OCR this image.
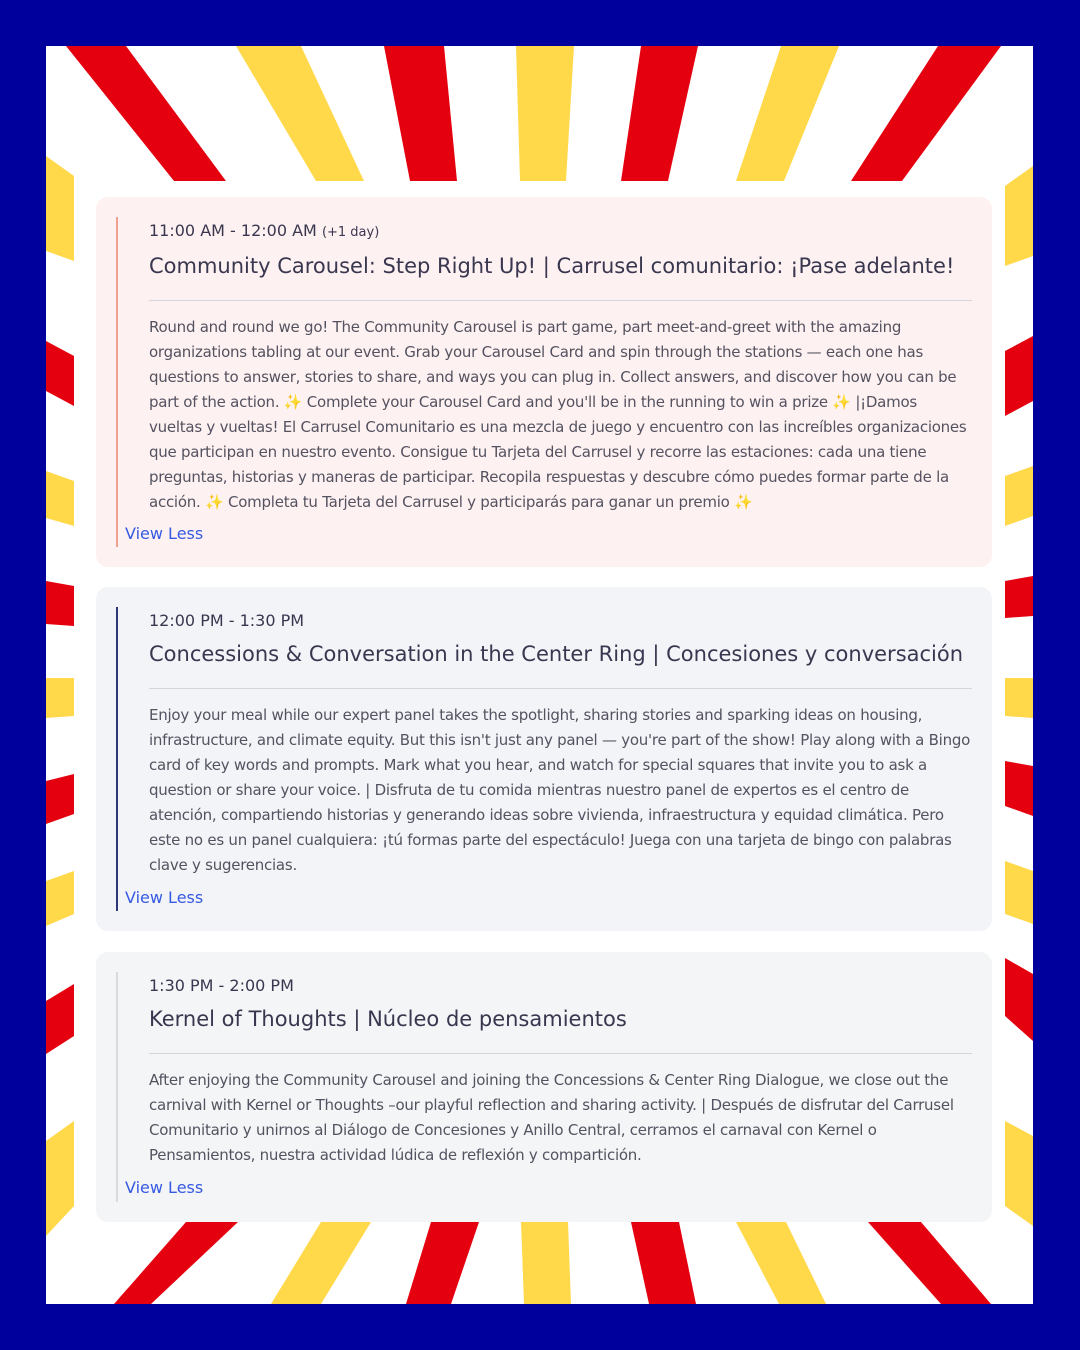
11:00 AM - 12:00 AM (+1 day)
Community Carousel: Step Right Up! | Carrusel comunitario: ¡Pase adelante!
Round and round we go! The Community Carousel is part game, part meet-and-greet with the amazing organizations tabling at our event. Grab your Carousel Card and spin through the stations — each one has questions to answer, stories to share, and ways you can plug in. Collect answers, and discover how you can be part of the action. ✨ Complete your Carousel Card and you'll be in the running to win a prize ✨ |¡Damos vueltas y vueltas! El Carrusel Comunitario es una mezcla de juego y encuentro con las increíbles organizaciones que participan en nuestro evento. Consigue tu Tarjeta del Carrusel y recorre las estaciones: cada una tiene preguntas, historias y maneras de participar. Recopila respuestas y descubre cómo puedes formar parte de la acción. ✨ Completa tu Tarjeta del Carrusel y participarás para ganar un premio ✨
View Less
12:00 PM - 1:30 PM
Concessions & Conversation in the Center Ring | Concesiones y conversación
Enjoy your meal while our expert panel takes the spotlight, sharing stories and sparking ideas on housing, infrastructure, and climate equity. But this isn't just any panel — you're part of the show! Play along with a Bingo card of key words and prompts. Mark what you hear, and watch for special squares that invite you to ask a question or share your voice. | Disfruta de tu comida mientras nuestro panel de expertos es el centro de atención, compartiendo historias y generando ideas sobre vivienda, infraestructura y equidad climática. Pero este no es un panel cualquiera: ¡tú formas parte del espectáculo! Juega con una tarjeta de bingo con palabras clave y sugerencias.
View Less
1:30 PM - 2:00 PM
Kernel of Thoughts | Núcleo de pensamientos
After enjoying the Community Carousel and joining the Concessions & Center Ring Dialogue, we close out the carnival with Kernel or Thoughts –our playful reflection and sharing activity. | Después de disfrutar del Carrusel Comunitario y unirnos al Diálogo de Concesiones y Anillo Central, cerramos el carnaval con Kernel o Pensamientos, nuestra actividad lúdica de reflexión y compartición.
View Less
